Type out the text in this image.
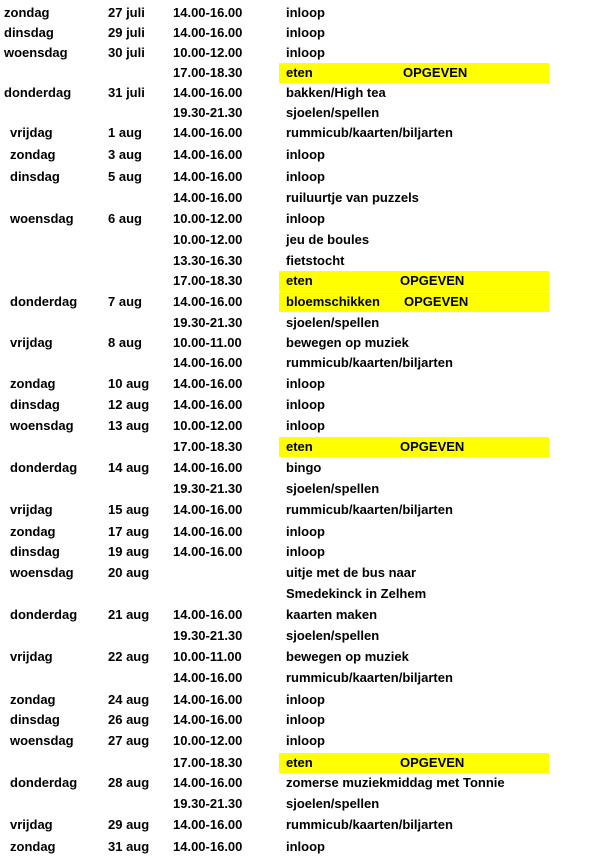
zondag	27 juli 14.00-16.00	inloop
dinsdag	29 juli 14.00-16.00	inloop
woensdag	30 juli 10.00-12.00	inloop
17.00-18.30	eten	OPGEVEN
donderdag	31 juli 14.00-16.00	bakken/High tea
19.30-21.30	sjoelen/spellen
vrijdag	1 aug 14.00-16.00	rummicub/kaarten/biljarten
zondag	3 aug 14.00-16.00	inloop
dinsdag	5 aug 14.00-16.00	inloop
14.00-16.00	ruiluurtje van puzzels
woensdag	6 aug 10.00-12.00	inloop
10.00-12.00	jeu de boules
13.30-16.30	fietstocht
17.00-18.30	eten	OPGEVEN
donderdag 7 aug 14.00-16.00	bloemschikken OPGEVEN
19.30-21.30	sjoelen/spellen
vrijdag	8 aug 10.00-11.00	bewegen op muziek
14.00-16.00	rummicub/kaarten/biljarten
zondag	10 aug 14.00-16.00	inloop
dinsdag	12 aug 14.00-16.00	inloop
woensdag	13 aug 10.00-12.00	inloop
17.00-18.30	eten	OPGEVEN
donderdag 14 aug 14.00-16.00	bingo
19.30-21.30	sjoelen/spellen
vrijdag	15 aug 14.00-16.00	rummicub/kaarten/biljarten
zondag	17 aug 14.00-16.00	inloop
dinsdag	19 aug 14.00-16.00	inloop
woensdag	20 aug	uitje met de bus naar
Smedekinck in Zelhem
donderdag 21 aug 14.00-16.00	kaarten maken
19.30-21.30	sjoelen/spellen
vrijdag	22 aug 10.00-11.00	bewegen op muziek
14.00-16.00	rummicub/kaarten/biljarten
zondag	24 aug 14.00-16.00	inloop
dinsdag	26 aug 14.00-16.00	inloop
woensdag	27 aug 10.00-12.00	inloop
17.00-18.30	eten	OPGEVEN
donderdag 28 aug 14.00-16.00	zomerse muziekmiddag met Tonnie
19.30-21.30	sjoelen/spellen
vrijdag	29 aug 14.00-16.00	rummicub/kaarten/biljarten
zondag	31 aug 14.00-16.00	inloop
